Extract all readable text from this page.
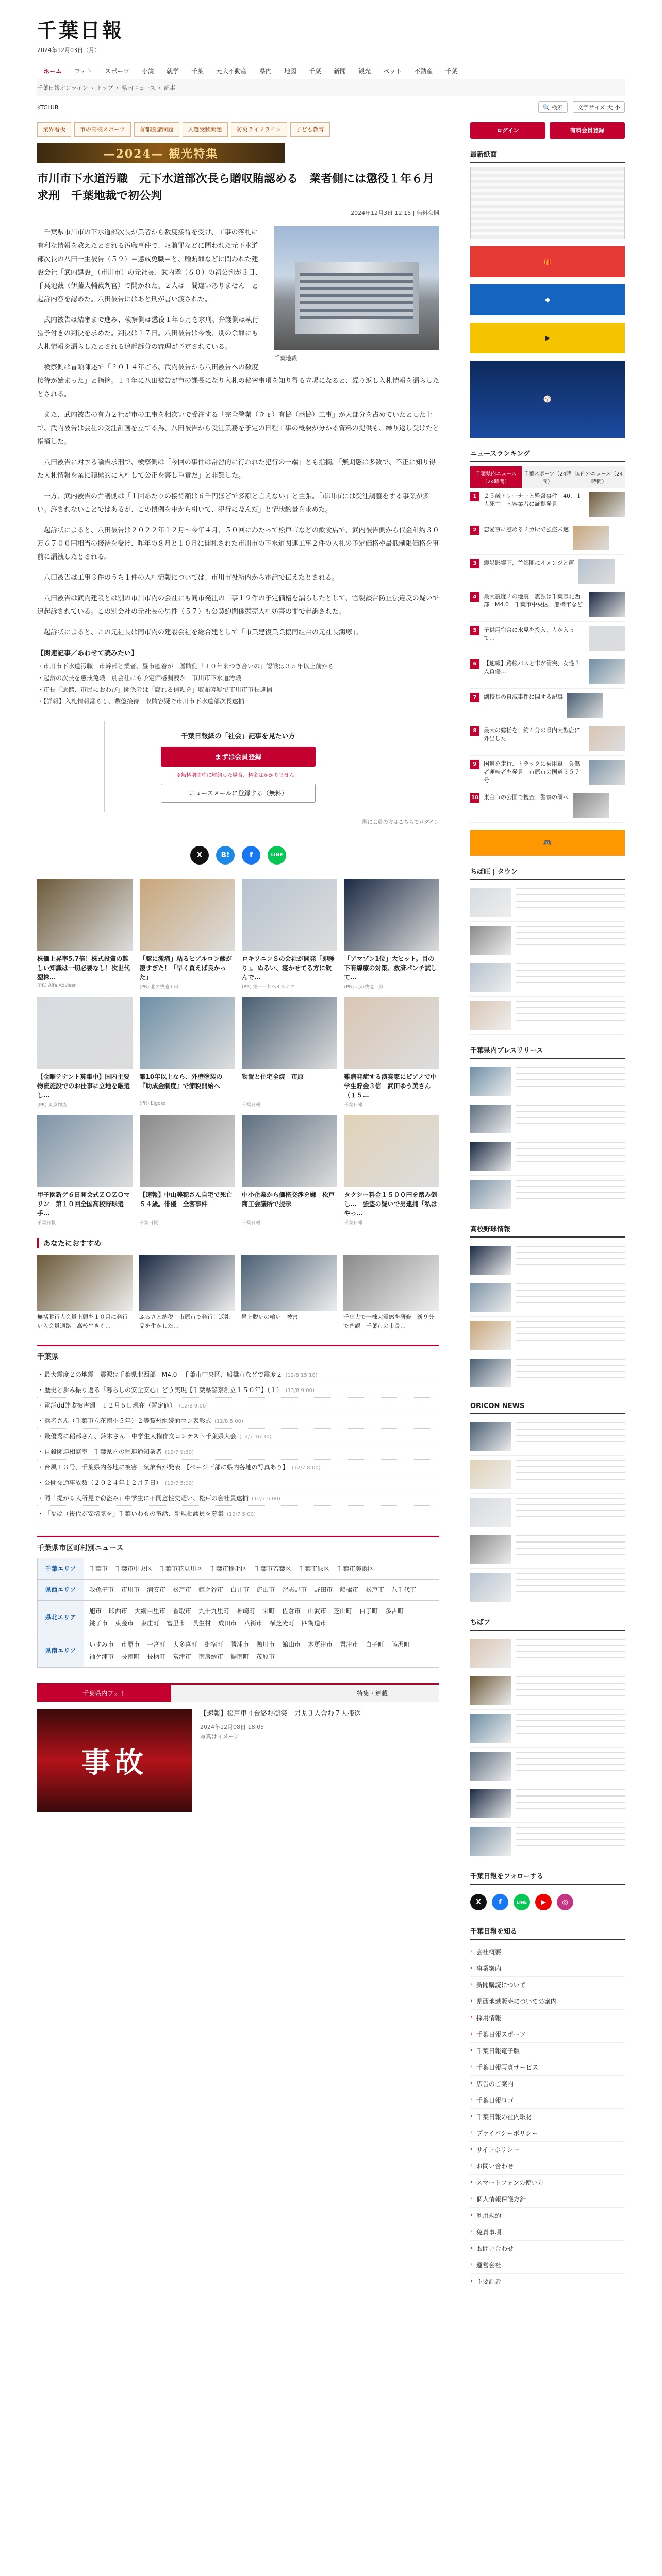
千葉日報
2024年12月03日（月）
ホーム	フォト	スポーツ	小説	就学	千葉	元大不動産	県内	地図	千葉	新聞	観光	ペット	不動産	千葉
千葉日報オンライン › トップ › 県内ニュース › 記事
KTCLUB	🔍 検索	文字サイズ 大 小
業界看板	市の高校スポーツ	首都圏諸問題	入選受験問題	防災ライフライン	子ども教育
—2024— 観光特集
市川市下水道汚職　元下水道部次長ら贈収賄認める　業者側には懲役１年６月求刑　千葉地裁で初公判
2024年12月3日 12:15 | 無料公開
千葉地裁

千葉県市川市の下水道部次長が業者から数度接待を受け、工事の落札に有利な情報を教えたとされる汚職事件で、収賄罪などに問われた元下水道部次長の八田一生被告（５９）＝懲戒免職＝と、贈賄罪などに問われた建設会社「武内建設」（市川市）の元社長、武内孝（６０）の初公判が３日、千葉地裁（伊藤大輔裁判官）で開かれた。２人は「間違いありません」と起訴内容を認めた。八田被告にはあと刑が言い渡された。

武内被告は結審まで進み、検察側は懲役１年６月を求刑。弁護側は執行猶予付きの判決を求めた。判決は１７日。八田被告は今後、別の余罪にも人札情報を漏らしたとされる追起訴分の審理が予定されている。

検察側は冒頭陳述で「２０１４年ごろ、武内被告から八田被告への数度接待が始まった」と指摘。１４年に八田被告が市の課長になり入札の秘密事項を知り得る立場になると、繰り返し入札情報を漏らしたとされる。

また、武内被告の有力２社が市の工事を相次いで受注する「完全警業（きょ）有協（商協）工事」が大部分を占めていたとした上で、武内被告は会社の受注計画を立てる為、八田被告から受注業務を予定の日程工事の概要が分かる資料の提供も、繰り返し受けたと指摘した。

八田被告に対する論告求刑で、検察側は「今回の事件は常習的に行われた犯行の一端」とも指摘。「無期懲は多数で、不正に知り得た入札情報を業に積極的に入札して公正を害し重責だ」と非難した。

一方、武内被告の弁護側は「１回あたりの接待額は６千円ほどで多額と言えない」と主張。「市川市には受注調整をする事業が多い。許されないことではあるが、この慣例を中から引いて、犯行に及んだ」と情状酌量を求めた。

起訴状によると、八田被告は２０２２年１２月〜今年４月、５０回にわたって松戸市などの飲食店で、武内被告側から代金計約３０万６７００円相当の接待を受け、昨年の８月と１０月に開札された市川市の下水道関連工事２件の入札の予定価格や最低制限価格を事前に漏洩したとされる。

八田被告は工事３件のうち１件の入札情報については、市川市役所内から電話で伝えたとされる。

八田被告は武内建設とは別の市川市内の会社にも同市発注の工事１９件の予定価格を漏らしたとして、官製談合防止法違反の疑いで追起訴されている。この別会社の元社長の男性（５７）も公契約関係競売入札妨害の罪で起訴された。

起訴状によると、この元社長は同市内の建設会社を総合建として「市業建復業業協同組合の元社長鴻塚」。

【関連記事／あわせて読みたい】
・市川市下水道汚職　市幹部と業者、昼市癒着が　贈賄側「１０年来つき合いの」認識は３５年以上前から
・起訴の次長を懲戒免職　別会社にも予定価格漏洩か　市川市下水道汚職
・市長「遺憾、市民におわび」関係者は「腐れる信頼を」収賄容疑で市川市市長逮捕
・【詳報】入札情報漏らし、数億接待　収賄容疑で市川市下水道部次長逮捕
千葉日報紙の「社会」記事を見たい方
まずは会員登録
※無料期間中に解約した場合、料金はかかりません。
ニュースメールに登録する（無料）
既に会員の方はこちらでログイン
X	B!	f	LINE
株価上昇率5.7倍！株式投資の難しい知識は一切必要なし！次世代型株…
(PR) Alfa Adviser
「膝に激痛」粘るヒアルロン酸が凄すぎた！「早く買えば良かった」
(PR) 北の快適工房
ロキソニンＳの会社が開発「即睡り」。ぬるい、寝かせてる方に飲んで…
(PR) 第一三共ヘルスケア
「アマゾン1位」大ヒット。目の下有線療の対策、救済パンチ試して…
(PR) 北の快適工房
【金曜テナント募集中】国内主要物流施設でのお仕事に立地を厳選し…
(PR) 東京物流
築10年以上なら、外壁塗装の『助成金制度』で節税開始へ
(PR) Elgoso
物置と住宅全焼　市原
千葉日報
難病発症する演奏家にピアノで中学生貯金３信　武田ゆう美さん（１５…
千葉日報
甲子園新ゲ６日開会式ＺＯＺＯマリン　第１０回全国高校野球選手…
千葉日報
【速報】中山美穂さん自宅で死亡　５４歳。俳優　全客事件
千葉日報
中小企業から価格交渉を嫌　松戸商工会議所で提示
千葉日報
タクシー料金１５００円を踏み倒し…　強盗の疑いで男逮捕「私はやっ…
千葉日報
あなたにおすすめ
無括勝行人会員上頭を１０月に発行い入会員通路　高校生きぐ…
ふるさと納税　市原市で発行！返礼品を生かした…
昼上脱いの輸い　被害	千葉大で一棟大震感を研修　新９分で確認　千葉市の市長…
千葉県
・ 最大震度２の地震　震源は千葉県北西部　M4.0　千葉市中央区、船橋市などで震度２ (12/8 15:18)
・ 歴史と歩み振り返る「暮らしの安全安心」どう実現【千葉県警察創立１５０年】（１） (12/8 9:00)
・ 電話dd詐欺被害額　１２月５日現在（暫定値） (12/8 9:00)
・ 浜名さん（千葉市立花南小５年）２等賞州組続面コン表彰式 (12/8 5:00)
・ 最優秀に稲部さん、鈴木さん　中学生人権作文コンテスト千葉県大会 (12/7 16:30)
・ 自殺関連相談室　千葉県内の県連通知業者 (12/7 9:30)
・ 台風１３号、千葉県内各地に被害　気象台が発表　【ページ下部に県内各地の写真あり】 (12/7 8:00)
・ 公開交通事故数（２０２４年１２月７日） (12/7 5:00)
・ 同「提がる人所見で窃盗み」中学生に不同意性交疑い、松戸の会社員逮捕 (12/7 5:00)
・ 「福は（後代が安堵気を」千葉いわもの電話、新規相談員を募集 (12/7 5:00)
千葉県市区町村別ニュース
千葉エリア	千葉市 千葉市中央区 千葉市花見川区 千葉市稲毛区 千葉市若葉区 千葉市緑区 千葉市美浜区
県西エリア	我孫子市 市川市 浦安市 松戸市 鎌ケ谷市 白井市 流山市 習志野市 野田市 船橋市 松戸市 八千代市
県北エリア	旭市 印西市 大網白里市 香取市 九十九里町 神崎町 栄町 佐倉市 山武市 芝山町 白子町 多古町銚子市 東金市 東庄町 富里市 長生村 成田市 八街市 横芝光町 四街道市
県南エリア	いすみ市 市原市 一宮町 大多喜町 御宿町 勝浦市 鴨川市 館山市 木更津市 君津市 白子町 睦沢町袖ケ浦市 長南町 長柄町 富津市 南房総市 鋸南町 茂原市
千葉県内フォト	特集・連載
事故
【速報】松戸車４台絡む衝突　男児３人含む７人搬送
2024年12月08日 18:05
写真はイメージ
ログイン	有料会員登録
最新紙面
🎁
◆
▶
⚾
ニュースランキング
千葉県内ニュース（24時間）
千葉スポーツ（24時間）
国内外ニュース（24時間）
1	２５歳トレーナーと監督事件　40、１人死亡　内容業者に証拠発見
2	恋愛事に慰める２カ所で強盗未遂
3	震災影響下、首都圏にイメンジと運
4	最大震度２の地震　震源は千葉県北西部　M4.0　千葉市中央区、船橋市など
5	子供用宿舎に水見を投入、人が入って…
6	【速報】路線バスと車が衝突、女性３人負傷…
7	副校長の自滅事件に関する記事
8	最大の総括を、約６分の県内大型店に外出した
9	国道を走行、トラックに乗用車　負傷者運転者を発見　市原市の国道３５７号
10 東金市の公園で捜査、警察の調べ
🎮
ちば旺 | タウン
千葉県内プレスリリース
高校野球情報
ORICON NEWS
ちばプ
千葉日報をフォローする
X	f	LINE	▶	◎
千葉日報を知る
› 会社概要
› 事業案内
› 新聞購読について
› 県西地域販売についての案内
› 採用情報
› 千葉日報スポーツ
› 千葉日報電子版
› 千葉日報写真サービス
› 広告のご案内
› 千葉日報ロゴ
› 千葉日報の社内取材
› プライバシーポリシー
› サイトポリシー
› お問い合わせ
› スマートフォンの使い方
› 個人情報保護方針
› 利用規約
› 免責事項
› お問い合わせ
› 運営会社
› 主要記者
